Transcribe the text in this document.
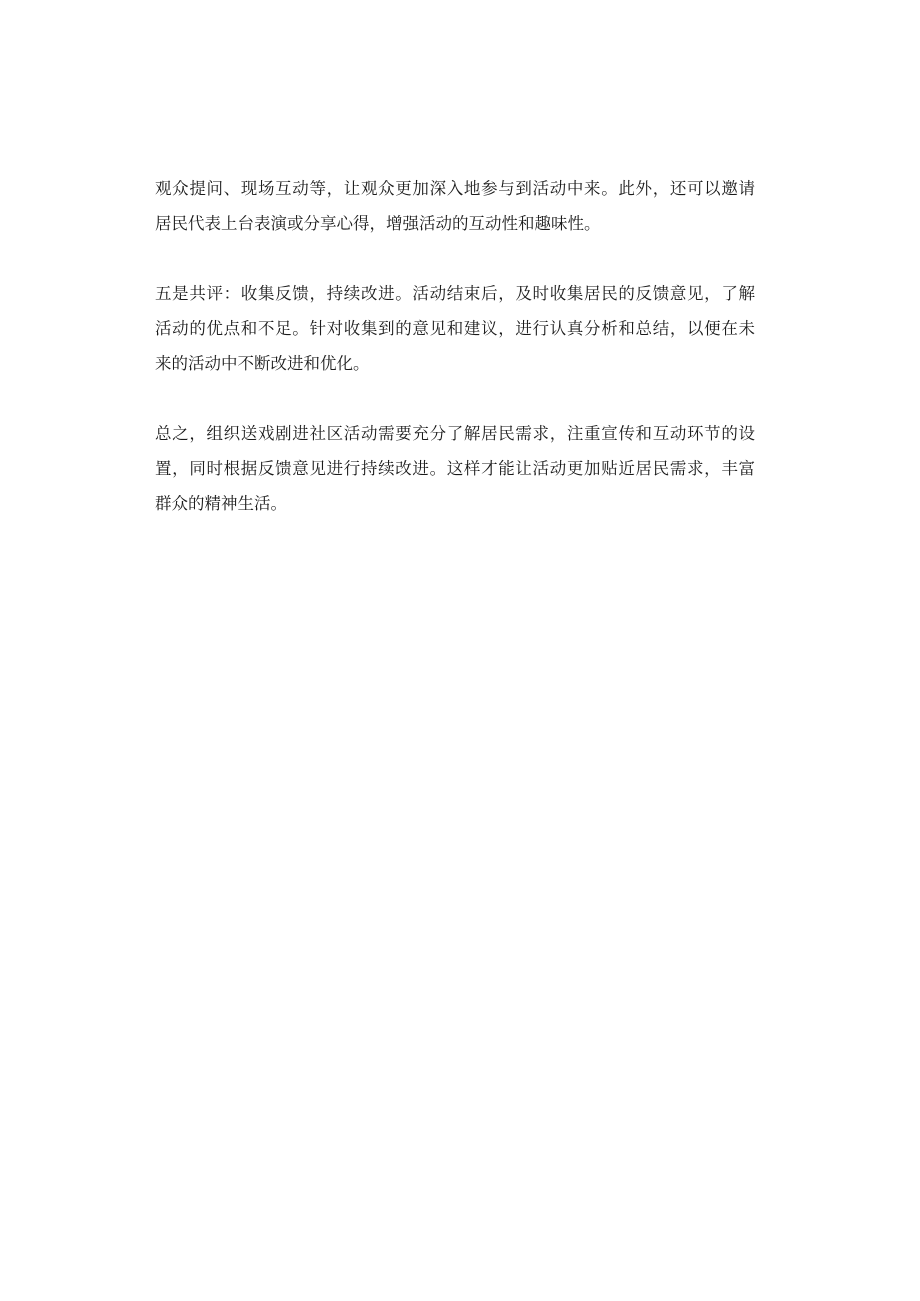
观众提问、现场互动等，让观众更加深入地参与到活动中来。此外，还可以邀请
居民代表上台表演或分享心得，增强活动的互动性和趣味性。
五是共评：收集反馈，持续改进。活动结束后，及时收集居民的反馈意见，了解
活动的优点和不足。针对收集到的意见和建议，进行认真分析和总结，以便在未
来的活动中不断改进和优化。
总之，组织送戏剧进社区活动需要充分了解居民需求，注重宣传和互动环节的设
置，同时根据反馈意见进行持续改进。这样才能让活动更加贴近居民需求，丰富
群众的精神生活。
